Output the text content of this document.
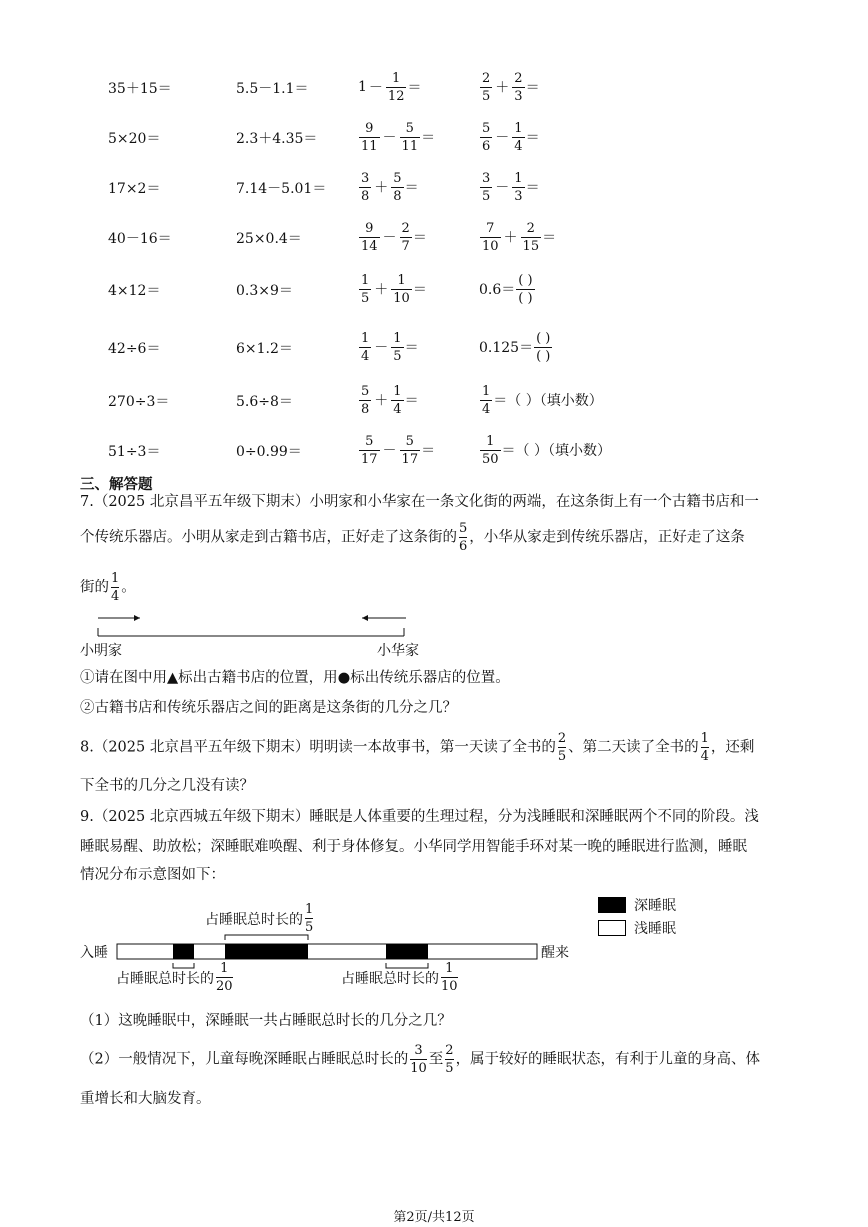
35＋15＝	5.5－1.1＝	$1 - \frac{1}{12}$ ＝	$\frac{2}{5} + \frac{2}{3}$ ＝
5×20＝	2.3＋4.35＝	$\frac{9}{11} - \frac{5}{11}$ ＝	$\frac{5}{6} - \frac{1}{4}$ ＝
17×2＝	7.14－5.01＝	$\frac{3}{8} + \frac{5}{8}$ ＝	$\frac{3}{5} - \frac{1}{3}$ ＝
40－16＝	25×0.4＝	$\frac{9}{14} - \frac{2}{7}$ ＝	$\frac{7}{10} + \frac{2}{15}$ ＝
4×12＝	0.3×9＝	$\frac{1}{5} + \frac{1}{10}$ ＝	$0.6= \frac{( )}{( )}$
42÷6＝	6×1.2＝	$\frac{1}{4} - \frac{1}{5}$ ＝	$0.125= \frac{( )}{( )}$
270÷3＝	5.6÷8＝	$\frac{5}{8} + \frac{1}{4}$ ＝	$\frac{1}{4}$ ＝（ ）（填小数）
51÷3＝	0÷0.99＝	$\frac{5}{17} - \frac{5}{17}$ ＝	$\frac{1}{50}$ ＝（ ）（填小数）
三、解答题
7.（2025 北京昌平五年级下期末）小明家和小华家在一条文化街的两端，在这条街上有一个古籍书店和一
个传统乐器店。小明从家走到古籍书店，正好走了这条街的 $\frac{5}{6}$ ，小华从家走到传统乐器店，正好走了这条
街的 $\frac{1}{4}$ 。
小明家	小华家
①请在图中用▲标出古籍书店的位置，用●标出传统乐器店的位置。
②古籍书店和传统乐器店之间的距离是这条街的几分之几？
8.（2025 北京昌平五年级下期末）明明读一本故事书，第一天读了全书的 $\frac{2}{5}$ 、第二天读了全书的 $\frac{1}{4}$ ，还剩
下全书的几分之几没有读？
9.（2025 北京西城五年级下期末）睡眠是人体重要的生理过程，分为浅睡眠和深睡眠两个不同的阶段。浅
睡眠易醒、助放松；深睡眠难唤醒、利于身体修复。小华同学用智能手环对某一晚的睡眠进行监测，睡眠
情况分布示意图如下：
深睡眠
浅睡眠
占睡眠总时长的 $\frac{1}{5}$
入睡	醒来
占睡眠总时长的 $\frac{1}{20}$	占睡眠总时长的 $\frac{1}{10}$
（1）这晚睡眠中，深睡眠一共占睡眠总时长的几分之几？
（2）一般情况下，儿童每晚深睡眠占睡眠总时长的 $\frac{3}{10}$ 至 $\frac{2}{5}$ ，属于较好的睡眠状态，有利于儿童的身高、体
重增长和大脑发育。
第2页/共12页
